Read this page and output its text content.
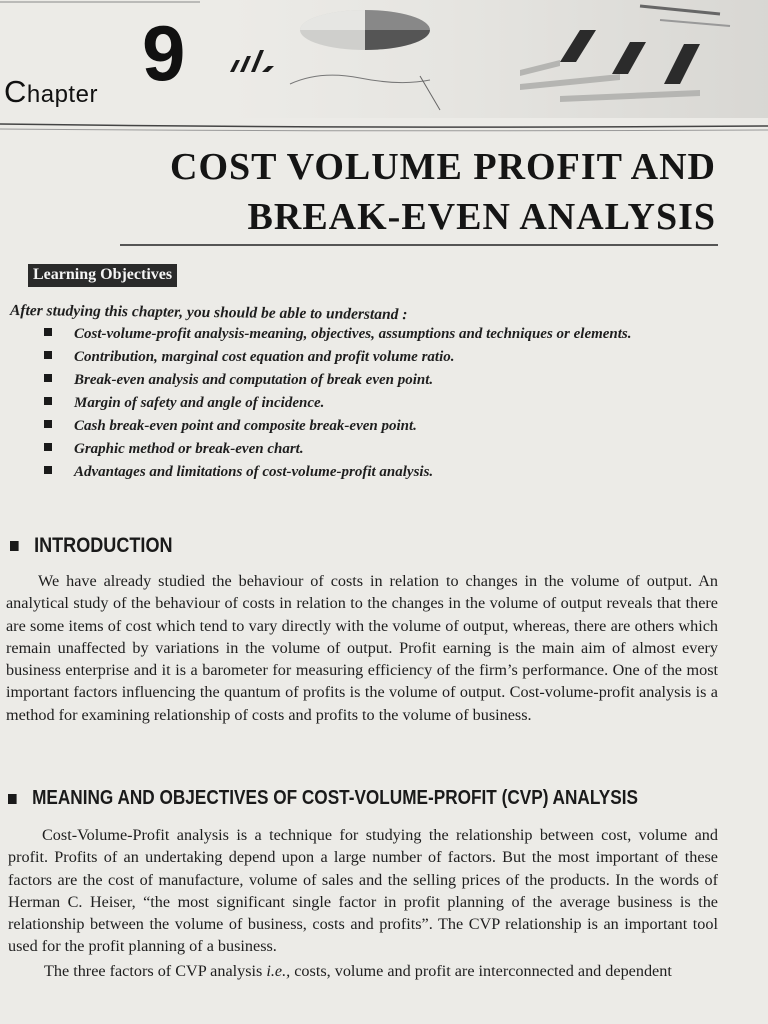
Chapter 9
COST VOLUME PROFIT AND
BREAK-EVEN ANALYSIS
Learning Objectives
After studying this chapter, you should be able to understand :
Cost-volume-profit analysis-meaning, objectives, assumptions and techniques or elements.
Contribution, marginal cost equation and profit volume ratio.
Break-even analysis and computation of break even point.
Margin of safety and angle of incidence.
Cash break-even point and composite break-even point.
Graphic method or break-even chart.
Advantages and limitations of cost-volume-profit analysis.
INTRODUCTION

We have already studied the behaviour of costs in relation to changes in the volume of output. An analytical study of the behaviour of costs in relation to the changes in the volume of output reveals that there are some items of cost which tend to vary directly with the volume of output, whereas, there are others which remain unaffected by variations in the volume of output. Profit earning is the main aim of almost every business enterprise and it is a barometer for measuring efficiency of the firm’s performance. One of the most important factors influencing the quantum of profits is the volume of output. Cost-volume-profit analysis is a method for examining relationship of costs and profits to the volume of business.

MEANING AND OBJECTIVES OF COST-VOLUME-PROFIT (CVP) ANALYSIS

Cost-Volume-Profit analysis is a technique for studying the relationship between cost, volume and profit. Profits of an undertaking depend upon a large number of factors. But the most important of these factors are the cost of manufacture, volume of sales and the selling prices of the products. In the words of Herman C. Heiser, “the most significant single factor in profit planning of the average business is the relationship between the volume of business, costs and profits”. The CVP relationship is an important tool used for the profit planning of a business.

The three factors of CVP analysis i.e., costs, volume and profit are interconnected and dependent
